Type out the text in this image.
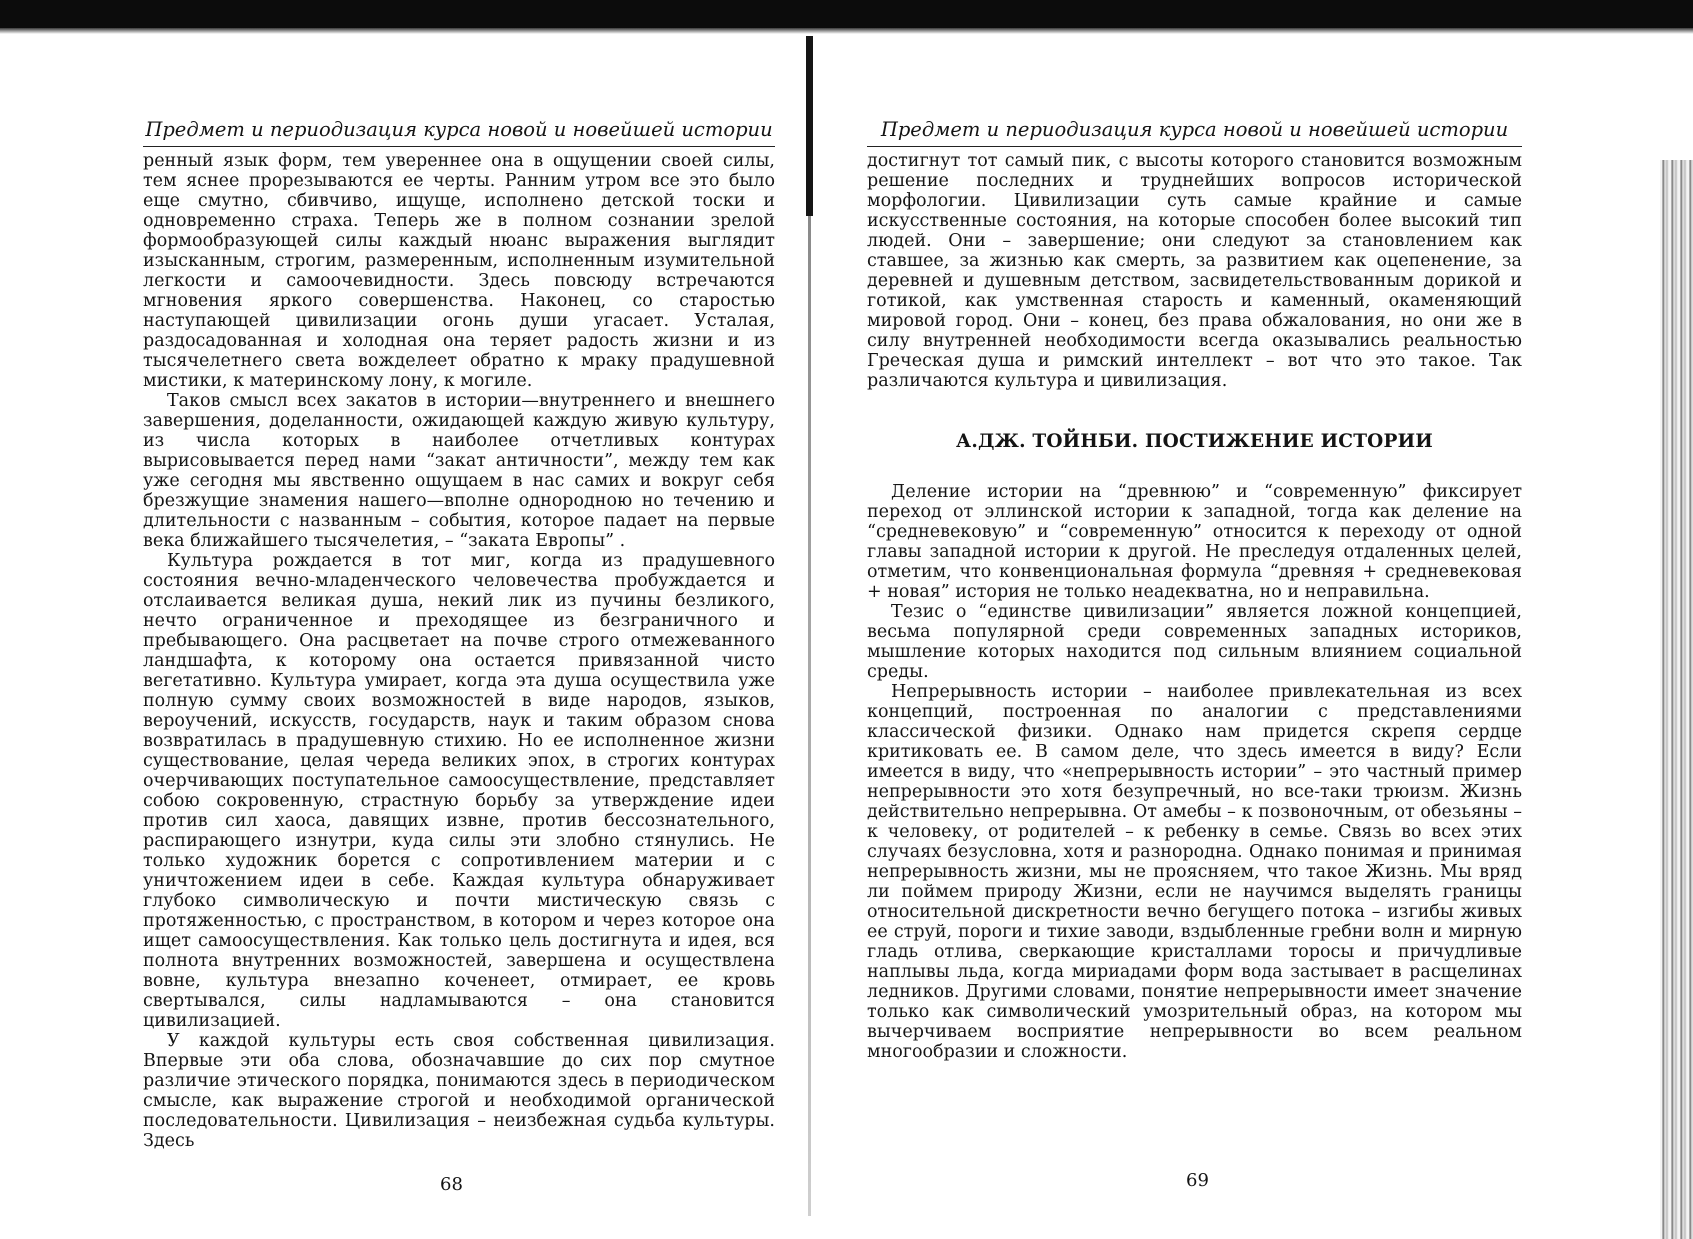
Предмет и периодизация курса новой и новейшей истории

ренный язык форм, тем увереннее она в ощущении своей силы, тем яснее прорезываются ее черты. Ранним утром все это было еще смутно, сбивчиво, ищуще, исполнено детской тоски и одновременно страха. Теперь же в полном сознании зрелой формообразующей силы каждый нюанс выражения выглядит изысканным, строгим, размеренным, исполненным изумительной легкости и самоочевидности. Здесь повсюду встречаются мгновения яркого совершенства. Наконец, со старостью наступающей цивилизации огонь души угасает. Усталая, раздосадованная и холодная она теряет радость жизни и из тысячелетнего света вожделеет обратно к мраку прадушевной мистики, к материнскому лону, к могиле.

Таков смысл всех закатов в истории—внутреннего и внешнего завершения, доделанности, ожидающей каждую живую культуру, из числа которых в наиболее отчетливых контурах вырисовывается перед нами “закат античности”, между тем как уже сегодня мы явственно ощущаем в нас самих и вокруг себя брезжущие знамения нашего—вполне однородною но течению и длительности с названным – события, которое падает на первые века ближайшего тысячелетия, – “заката Европы” .

Культура рождается в тот миг, когда из прадушевного состояния вечно-младенческого человечества пробуждается и отслаивается великая душа, некий лик из пучины безликого, нечто ограниченное и преходящее из безграничного и пребывающего. Она расцветает на почве строго отмежеванного ландшафта, к которому она остается привязанной чисто вегетативно. Культура умирает, когда эта душа осуществила уже полную сумму своих возможностей в виде народов, языков, вероучений, искусств, государств, наук и таким образом снова возвратилась в прадушевную стихию. Но ее исполненное жизни существование, целая череда великих эпох, в строгих контурах очерчивающих поступательное самоосуществление, представляет собою сокровенную, страстную борьбу за утверждение идеи против сил хаоса, давящих извне, против бессознательного, распирающего изнутри, куда силы эти злобно стянулись. Не только художник борется с сопротивлением материи и с уничтожением идеи в себе. Каждая культура обнаруживает глубоко символическую и почти мистическую связь с протяженностью, с пространством, в котором и через которое она ищет самоосуществления. Как только цель достигнута и идея, вся полнота внутренних возможностей, завершена и осуществлена вовне, культура внезапно коченеет, отмирает, ее кровь свертывался, силы надламываются – она становится цивилизацией.

У каждой культуры есть своя собственная цивилизация. Впервые эти оба слова, обозначавшие до сих пор смутное различие этического порядка, понимаются здесь в периодическом смысле, как выражение строгой и необходимой органической последовательности. Цивилизация – неизбежная судьба культуры. Здесь

68
Предмет и периодизация курса новой и новейшей истории

достигнут тот самый пик, с высоты которого становится возможным решение последних и труднейших вопросов исторической морфологии. Цивилизации суть самые крайние и самые искусственные состояния, на которые способен более высокий тип людей. Они – завершение; они следуют за становлением как ставшее, за жизнью как смерть, за развитием как оцепенение, за деревней и душевным детством, засвидетельствованным дорикой и готикой, как умственная старость и каменный, окаменяющий мировой город. Они – конец, без права обжалования, но они же в силу внутренней необходимости всегда оказывались реальностью Греческая душа и римский интеллект – вот что это такое. Так различаются культура и цивилизация.

А.ДЖ. ТОЙНБИ. ПОСТИЖЕНИЕ ИСТОРИИ

Деление истории на “древнюю” и “современную” фиксирует переход от эллинской истории к западной, тогда как деление на “средневековую” и “современную” относится к переходу от одной главы западной истории к другой. Не преследуя отдаленных целей, отметим, что конвенциональная формула “древняя + средневековая + новая” история не только неадекватна, но и неправильна.

Тезис о “единстве цивилизации” является ложной концепцией, весьма популярной среди современных западных историков, мышление которых находится под сильным влиянием социальной среды.

Непрерывность истории – наиболее привлекательная из всех концепций, построенная по аналогии с представлениями классической физики. Однако нам придется скрепя сердце критиковать ее. В самом деле, что здесь имеется в виду? Если имеется в виду, что «непрерывность истории” – это частный пример непрерывности это хотя безупречный, но все-таки трюизм. Жизнь действительно непрерывна. От амебы – к позвоночным, от обезьяны – к человеку, от родителей – к ребенку в семье. Связь во всех этих случаях безусловна, хотя и разнородна. Однако понимая и принимая непрерывность жизни, мы не проясняем, что такое Жизнь. Мы вряд ли поймем природу Жизни, если не научимся выделять границы относительной дискретности вечно бегущего потока – изгибы живых ее струй, пороги и тихие заводи, вздыбленные гребни волн и мирную гладь отлива, сверкающие кристаллами торосы и причудливые наплывы льда, когда мириадами форм вода застывает в расщелинах ледников. Другими словами, понятие непрерывности имеет значение только как символический умозрительный образ, на котором мы вычерчиваем восприятие непрерывности во всем реальном многообразии и сложности.

69
